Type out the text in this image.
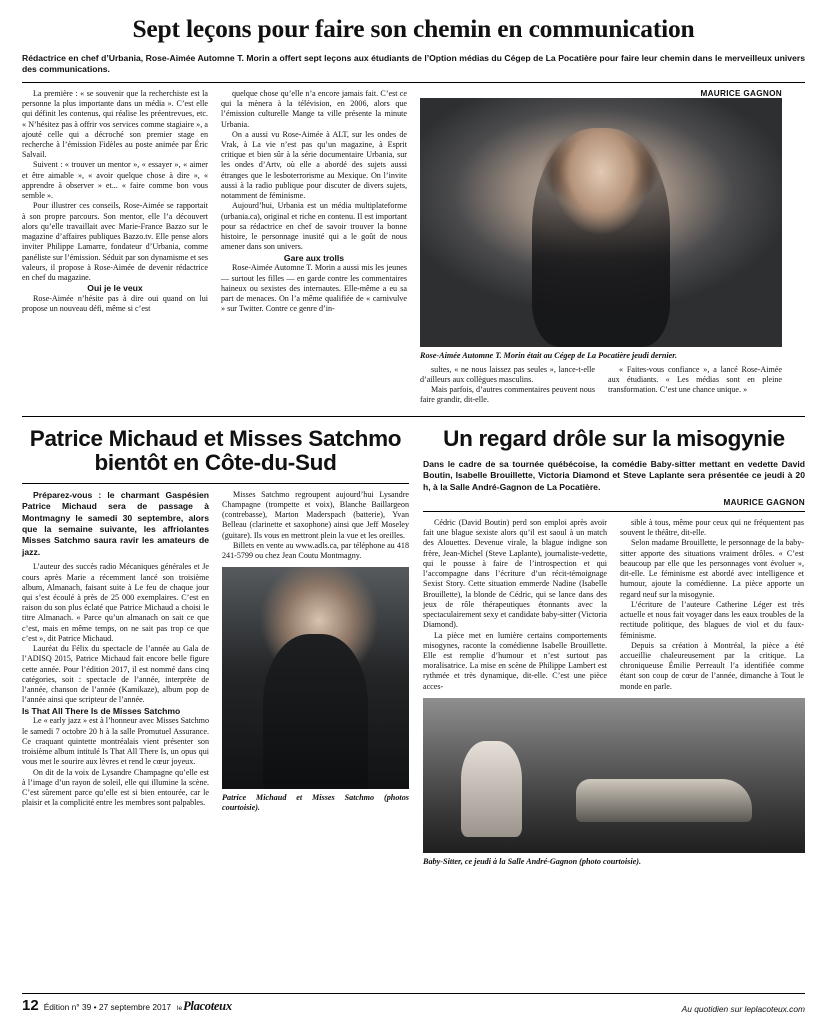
Sept leçons pour faire son chemin en communication
Rédactrice en chef d’Urbania, Rose-Aimée Automne T. Morin a offert sept leçons aux étudiants de l’Option médias du Cégep de La Pocatière pour faire leur chemin dans le merveilleux univers des communications.

La première : « se souvenir que la recherchiste est la personne la plus importante dans un média ». C’est elle qui définit les contenus, qui réalise les préentrevues, etc. « N’hésitez pas à offrir vos services comme stagiaire », a ajouté celle qui a décroché son premier stage en recherche à l’émission Fidèles au poste animée par Éric Salvail.

Suivent : « trouver un mentor », « essayer », « aimer et être aimable », « avoir quelque chose à dire », « apprendre à observer » et... « faire comme bon vous semble ».

Pour illustrer ces conseils, Rose-Aimée se rapportait à son propre parcours. Son mentor, elle l’a découvert alors qu’elle travaillait avec Marie-France Bazzo sur le magazine d’affaires publiques Bazzo.tv. Elle pense alors inviter Philippe Lamarre, fondateur d’Urbania, comme panéliste sur l’émission. Séduit par son dynamisme et ses valeurs, il propose à Rose-Aimée de devenir rédactrice en chef du magazine.

Oui je le veux

Rose-Aimée n’hésite pas à dire oui quand on lui propose un nouveau défi, même si c’est

quelque chose qu’elle n’a encore jamais fait. C’est ce qui la mènera à la télévision, en 2006, alors que l’émission culturelle Mange ta ville présente la minute Urbania.

On a aussi vu Rose-Aimée à ALT, sur les ondes de Vrak, à La vie n’est pas qu’un magazine, à Esprit critique et bien sûr à la série documentaire Urbania, sur les ondes d’Artv, où elle a abordé des sujets aussi étranges que le lesboterrorisme au Mexique. On l’invite aussi à la radio publique pour discuter de divers sujets, notamment de féminisme.

Aujourd’hui, Urbania est un média multiplateforme (urbania.ca), original et riche en contenu. Il est important pour sa rédactrice en chef de savoir trouver la bonne histoire, le personnage inusité qui a le goût de nous amener dans son univers.

Gare aux trolls

Rose-Aimée Automne T. Morin a aussi mis les jeunes — surtout les filles — en garde contre les commentaires haineux ou sexistes des internautes. Elle-même a eu sa part de menaces. On l’a même qualifiée de « carnivulve » sur Twitter. Contre ce genre d’in-

MAURICE GAGNON
Rose-Aimée Automne T. Morin était au Cégep de La Pocatière jeudi dernier.

sultes, « ne nous laissez pas seules », lance-t-elle d’ailleurs aux collègues masculins.

Mais parfois, d’autres commentaires peuvent nous faire grandir, dit-elle.

« Faites-vous confiance », a lancé Rose-Aimée aux étudiants. « Les médias sont en pleine transformation. C’est une chance unique. »

Patrice Michaud et Misses Satchmo bientôt en Côte-du-Sud

Préparez-vous : le charmant Gaspésien Patrice Michaud sera de passage à Montmagny le samedi 30 septembre, alors que la semaine suivante, les affriolantes Misses Satchmo saura ravir les amateurs de jazz.

L’auteur des succès radio Mécaniques générales et Je cours après Marie a récemment lancé son troisième album, Almanach, faisant suite à Le feu de chaque jour qui s’est écoulé à près de 25 000 exemplaires. C’est en raison du son plus éclaté que Patrice Michaud a choisi le titre Almanach. « Parce qu’un almanach on sait ce que c’est, mais en même temps, on ne sait pas trop ce que c’est », dit Patrice Michaud.

Lauréat du Félix du spectacle de l’année au Gala de l’ADISQ 2015, Patrice Michaud fait encore belle figure cette année. Pour l’édition 2017, il est nommé dans cinq catégories, soit : spectacle de l’année, interprète de l’année, chanson de l’année (Kamikaze), album pop de l’année ainsi que scripteur de l’année.

Is That All There Is de Misses Satchmo

Le « early jazz » est à l’honneur avec Misses Satchmo le samedi 7 octobre 20 h à la salle Promutuel Assurance. Ce craquant quintette montréalais vient présenter son troisième album intitulé Is That All There Is, un opus qui vous met le sourire aux lèvres et rend le cœur joyeux.

On dit de la voix de Lysandre Champagne qu’elle est à l’image d’un rayon de soleil, elle qui illumine la scène. C’est sûrement parce qu’elle est si bien entourée, car le plaisir et la complicité entre les membres sont palpables.

Misses Satchmo regroupent aujourd’hui Lysandre Champagne (trompette et voix), Blanche Baillargeon (contrebasse), Marton Maderspach (batterie), Yvan Belleau (clarinette et saxophone) ainsi que Jeff Moseley (guitare). Ils vous en mettront plein la vue et les oreilles.

Billets en vente au www.adls.ca, par téléphone au 418 241-5799 ou chez Jean Coutu Montmagny.

Patrice Michaud et Misses Satchmo (photos courtoisie).
Un regard drôle sur la misogynie
Dans le cadre de sa tournée québécoise, la comédie Baby-sitter mettant en vedette David Boutin, Isabelle Brouillette, Victoria Diamond et Steve Laplante sera présentée ce jeudi à 20 h, à la Salle André-Gagnon de La Pocatière.
MAURICE GAGNON

Cédric (David Boutin) perd son emploi après avoir fait une blague sexiste alors qu’il est saoul à un match des Alouettes. Devenue virale, la blague indigne son frère, Jean-Michel (Steve Laplante), journaliste-vedette, qui le pousse à faire de l’introspection et qui l’accompagne dans l’écriture d’un récit-témoignage Sexist Story. Cette situation emmerde Nadine (Isabelle Brouillette), la blonde de Cédric, qui se lance dans des jeux de rôle thérapeutiques étonnants avec la spectaculairement sexy et candidate baby-sitter (Victoria Diamond).

La pièce met en lumière certains comportements misogynes, raconte la comédienne Isabelle Brouillette. Elle est remplie d’humour et n’est surtout pas moralisatrice. La mise en scène de Philippe Lambert est rythmée et très dynamique, dit-elle. C’est une pièce acces-

sible à tous, même pour ceux qui ne fréquentent pas souvent le théâtre, dit-elle.

Selon madame Brouillette, le personnage de la baby-sitter apporte des situations vraiment drôles. « C’est beaucoup par elle que les personnages vont évoluer », dit-elle. Le féminisme est abordé avec intelligence et humour, ajoute la comédienne. La pièce apporte un regard neuf sur la misogynie.

L’écriture de l’auteure Catherine Léger est très actuelle et nous fait voyager dans les eaux troubles de la rectitude politique, des blagues de viol et du faux-féminisme.

Depuis sa création à Montréal, la pièce a été accueillie chaleureusement par la critique. La chroniqueuse Émilie Perreault l’a identifiée comme étant son coup de cœur de l’année, dimanche à Tout le monde en parle.

Baby-Sitter, ce jeudi à la Salle André-Gagnon (photo courtoisie).
12 Édition n° 39 • 27 septembre 2017 le Placoteux	Au quotidien sur leplacoteux.com
